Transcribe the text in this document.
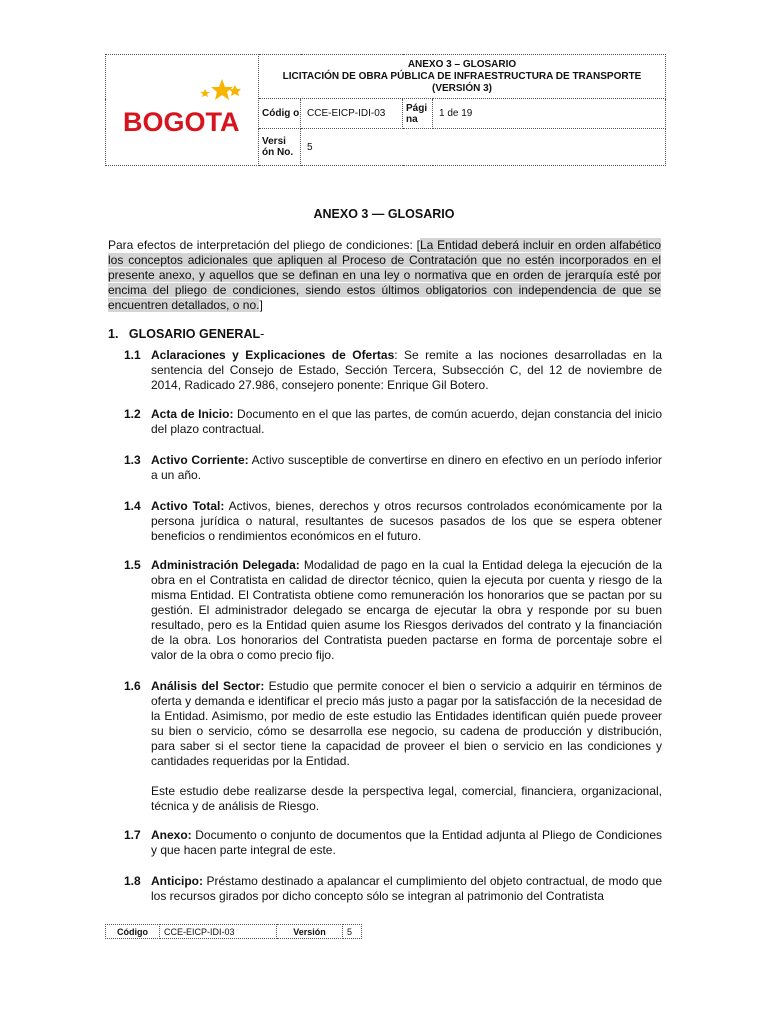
BOGOTA	ANEXO 3 – GLOSARIO
LICITACIÓN DE OBRA PÚBLICA DE INFRAESTRUCTURA DE TRANSPORTE
(VERSIÓN 3)			

	Códig o	CCE-EICP-IDI-03	Pági na	1 de 19
	Versi ón No.	5		
ANEXO 3 — GLOSARIO
Para efectos de interpretación del pliego de condiciones: [La Entidad deberá incluir en orden alfabético los conceptos adicionales que apliquen al Proceso de Contratación que no estén incorporados en el presente anexo, y aquellos que se definan en una ley o normativa que en orden de jerarquía esté por encima del pliego de condiciones, siendo estos últimos obligatorios con independencia de que se encuentren detallados, o no.]
1. GLOSARIO GENERAL-
1.1 Aclaraciones y Explicaciones de Ofertas: Se remite a las nociones desarrolladas en la sentencia del Consejo de Estado, Sección Tercera, Subsección C, del 12 de noviembre de 2014, Radicado 27.986, consejero ponente: Enrique Gil Botero.
1.2 Acta de Inicio: Documento en el que las partes, de común acuerdo, dejan constancia del inicio del plazo contractual.
1.3 Activo Corriente: Activo susceptible de convertirse en dinero en efectivo en un período inferior a un año.
1.4 Activo Total: Activos, bienes, derechos y otros recursos controlados económicamente por la persona jurídica o natural, resultantes de sucesos pasados de los que se espera obtener beneficios o rendimientos económicos en el futuro.
1.5 Administración Delegada: Modalidad de pago en la cual la Entidad delega la ejecución de la obra en el Contratista en calidad de director técnico, quien la ejecuta por cuenta y riesgo de la misma Entidad. El Contratista obtiene como remuneración los honorarios que se pactan por su gestión. El administrador delegado se encarga de ejecutar la obra y responde por su buen resultado, pero es la Entidad quien asume los Riesgos derivados del contrato y la financiación de la obra. Los honorarios del Contratista pueden pactarse en forma de porcentaje sobre el valor de la obra o como precio fijo.
1.6 Análisis del Sector: Estudio que permite conocer el bien o servicio a adquirir en términos de oferta y demanda e identificar el precio más justo a pagar por la satisfacción de la necesidad de la Entidad. Asimismo, por medio de este estudio las Entidades identifican quién puede proveer su bien o servicio, cómo se desarrolla ese negocio, su cadena de producción y distribución, para saber si el sector tiene la capacidad de proveer el bien o servicio en las condiciones y cantidades requeridas por la Entidad.
Este estudio debe realizarse desde la perspectiva legal, comercial, financiera, organizacional, técnica y de análisis de Riesgo.
1.7 Anexo: Documento o conjunto de documentos que la Entidad adjunta al Pliego de Condiciones y que hacen parte integral de este.
1.8 Anticipo: Préstamo destinado a apalancar el cumplimiento del objeto contractual, de modo que los recursos girados por dicho concepto sólo se integran al patrimonio del Contratista
Código	CCE-EICP-IDI-03	Versión	5
